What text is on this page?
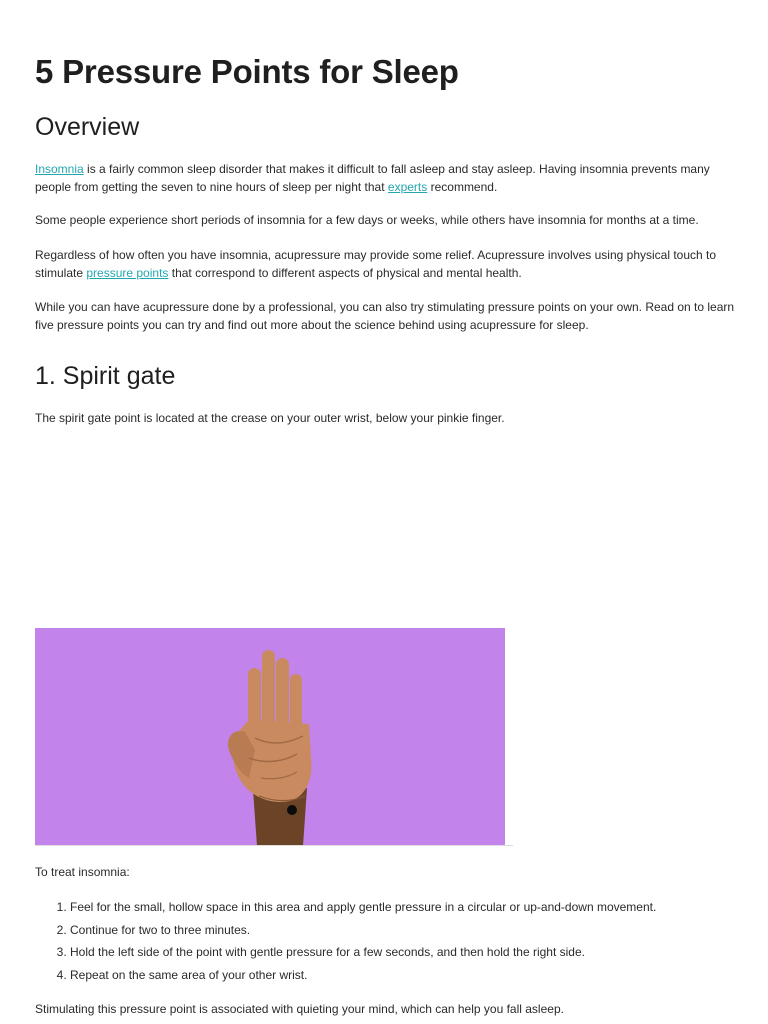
5 Pressure Points for Sleep
Overview

Insomnia is a fairly common sleep disorder that makes it difficult to fall asleep and stay asleep. Having insomnia prevents many people from getting the seven to nine hours of sleep per night that experts recommend.

Some people experience short periods of insomnia for a few days or weeks, while others have insomnia for months at a time.

Regardless of how often you have insomnia, acupressure may provide some relief. Acupressure involves using physical touch to stimulate pressure points that correspond to different aspects of physical and mental health.

While you can have acupressure done by a professional, you can also try stimulating pressure points on your own. Read on to learn five pressure points you can try and find out more about the science behind using acupressure for sleep.

1. Spirit gate

The spirit gate point is located at the crease on your outer wrist, below your pinkie finger.

To treat insomnia:

1. Feel for the small, hollow space in this area and apply gentle pressure in a circular or up-and-down movement.
2. Continue for two to three minutes.
3. Hold the left side of the point with gentle pressure for a few seconds, and then hold the right side.
4. Repeat on the same area of your other wrist.

Stimulating this pressure point is associated with quieting your mind, which can help you fall asleep.
